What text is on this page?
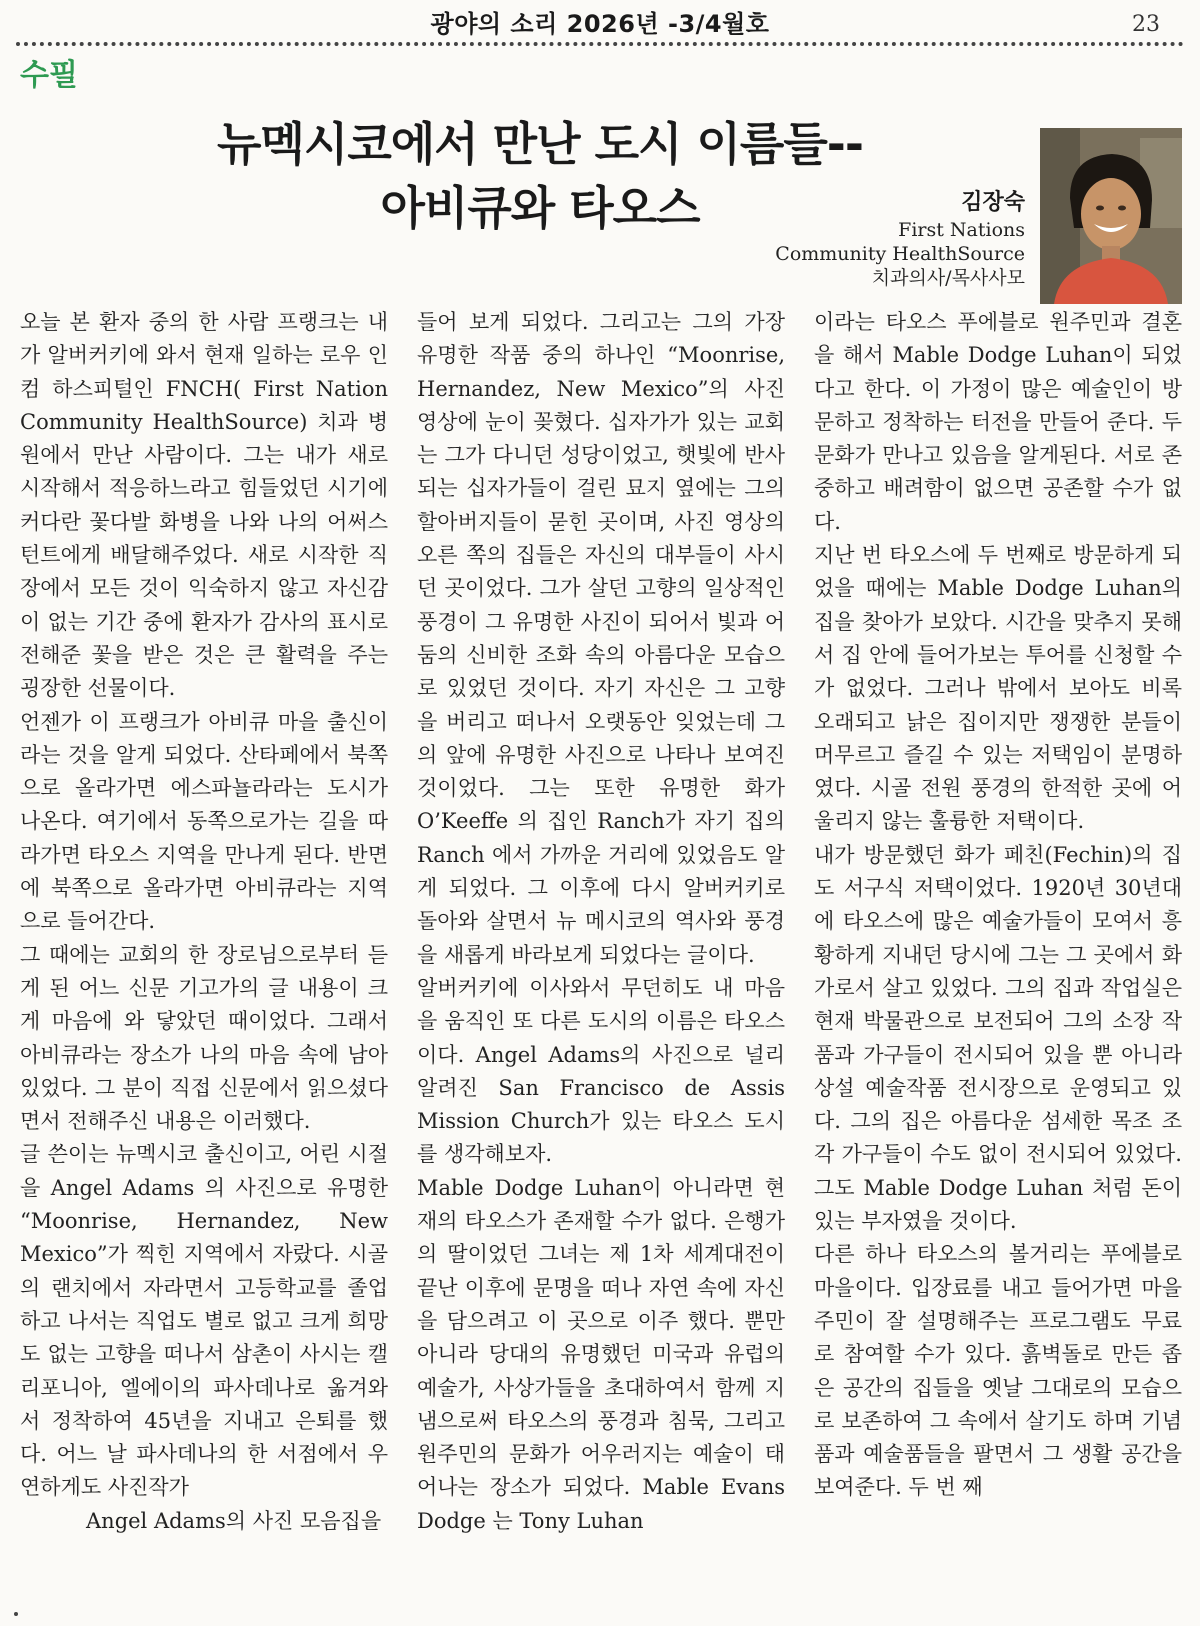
광야의 소리 2026년 -3/4월호	23
수필
뉴멕시코에서 만난 도시 이름들--
아비큐와 타오스	김장숙
First Nations
Community HealthSource
치과의사/목사사모

오늘 본 환자 중의 한 사람 프랭크는 내가 알버커키에 와서 현재 일하는 로우 인컴 하스피털인 FNCH( First Nation Community HealthSource) 치과 병원에서 만난 사람이다. 그는 내가 새로 시작해서 적응하느라고 힘들었던 시기에 커다란 꽃다발 화병을 나와 나의 어써스턴트에게 배달해주었다. 새로 시작한 직장에서 모든 것이 익숙하지 않고 자신감이 없는 기간 중에 환자가 감사의 표시로 전해준 꽃을 받은 것은 큰 활력을 주는 굉장한 선물이다.

언젠가 이 프랭크가 아비큐 마을 출신이라는 것을 알게 되었다. 산타페에서 북쪽으로 올라가면 에스파뇰라라는 도시가 나온다. 여기에서 동쪽으로가는 길을 따라가면 타오스 지역을 만나게 된다. 반면에 북쪽으로 올라가면 아비큐라는 지역으로 들어간다.

그 때에는 교회의 한 장로님으로부터 듣게 된 어느 신문 기고가의 글 내용이 크게 마음에 와 닿았던 때이었다. 그래서 아비큐라는 장소가 나의 마음 속에 남아 있었다. 그 분이 직접 신문에서 읽으셨다면서 전해주신 내용은 이러했다.

글 쓴이는 뉴멕시코 출신이고, 어린 시절을 Angel Adams 의 사진으로 유명한 “Moonrise, Hernandez, New Mexico”가 찍힌 지역에서 자랐다. 시골의 랜치에서 자라면서 고등학교를 졸업하고 나서는 직업도 별로 없고 크게 희망도 없는 고향을 떠나서 삼촌이 사시는 캘리포니아, 엘에이의 파사데나로 옮겨와서 정착하여 45년을 지내고 은퇴를 했다. 어느 날 파사데나의 한 서점에서 우연하게도 사진작가

Angel Adams의 사진 모음집을

들어 보게 되었다. 그리고는 그의 가장 유명한 작품 중의 하나인 “Moonrise, Hernandez, New Mexico”의 사진 영상에 눈이 꽂혔다. 십자가가 있는 교회는 그가 다니던 성당이었고, 햇빛에 반사되는 십자가들이 걸린 묘지 옆에는 그의 할아버지들이 묻힌 곳이며, 사진 영상의 오른 쪽의 집들은 자신의 대부들이 사시던 곳이었다. 그가 살던 고향의 일상적인 풍경이 그 유명한 사진이 되어서 빛과 어둠의 신비한 조화 속의 아름다운 모습으로 있었던 것이다. 자기 자신은 그 고향을 버리고 떠나서 오랫동안 잊었는데 그의 앞에 유명한 사진으로 나타나 보여진 것이었다. 그는 또한 유명한 화가 O’Keeffe 의 집인 Ranch가 자기 집의 Ranch 에서 가까운 거리에 있었음도 알게 되었다. 그 이후에 다시 알버커키로 돌아와 살면서 뉴 메시코의 역사와 풍경을 새롭게 바라보게 되었다는 글이다.

알버커키에 이사와서 무던히도 내 마음을 움직인 또 다른 도시의 이름은 타오스이다. Angel Adams의 사진으로 널리 알려진 San Francisco de Assis Mission Church가 있는 타오스 도시를 생각해보자.

Mable Dodge Luhan이 아니라면 현재의 타오스가 존재할 수가 없다. 은행가의 딸이었던 그녀는 제 1차 세계대전이 끝난 이후에 문명을 떠나 자연 속에 자신을 담으려고 이 곳으로 이주 했다. 뿐만 아니라 당대의 유명했던 미국과 유럽의 예술가, 사상가들을 초대하여서 함께 지냄으로써 타오스의 풍경과 침묵, 그리고 원주민의 문화가 어우러지는 예술이 태어나는 장소가 되었다. Mable Evans Dodge 는 Tony Luhan

이라는 타오스 푸에블로 원주민과 결혼을 해서 Mable Dodge Luhan이 되었다고 한다. 이 가정이 많은 예술인이 방문하고 정착하는 터전을 만들어 준다. 두 문화가 만나고 있음을 알게된다. 서로 존중하고 배려함이 없으면 공존할 수가 없다.

지난 번 타오스에 두 번째로 방문하게 되었을 때에는 Mable Dodge Luhan의 집을 찾아가 보았다. 시간을 맞추지 못해서 집 안에 들어가보는 투어를 신청할 수가 없었다. 그러나 밖에서 보아도 비록 오래되고 낡은 집이지만 쟁쟁한 분들이 머무르고 즐길 수 있는 저택임이 분명하였다. 시골 전원 풍경의 한적한 곳에 어울리지 않는 훌륭한 저택이다.

내가 방문했던 화가 페친(Fechin)의 집도 서구식 저택이었다. 1920년 30년대에 타오스에 많은 예술가들이 모여서 흥황하게 지내던 당시에 그는 그 곳에서 화가로서 살고 있었다. 그의 집과 작업실은 현재 박물관으로 보전되어 그의 소장 작품과 가구들이 전시되어 있을 뿐 아니라 상설 예술작품 전시장으로 운영되고 있다. 그의 집은 아름다운 섬세한 목조 조각 가구들이 수도 없이 전시되어 있었다. 그도 Mable Dodge Luhan 처럼 돈이 있는 부자였을 것이다.

다른 하나 타오스의 볼거리는 푸에블로 마을이다. 입장료를 내고 들어가면 마을 주민이 잘 설명해주는 프로그램도 무료로 참여할 수가 있다. 흙벽돌로 만든 좁은 공간의 집들을 옛날 그대로의 모습으로 보존하여 그 속에서 살기도 하며 기념품과 예술품들을 팔면서 그 생활 공간을 보여준다. 두 번 째
